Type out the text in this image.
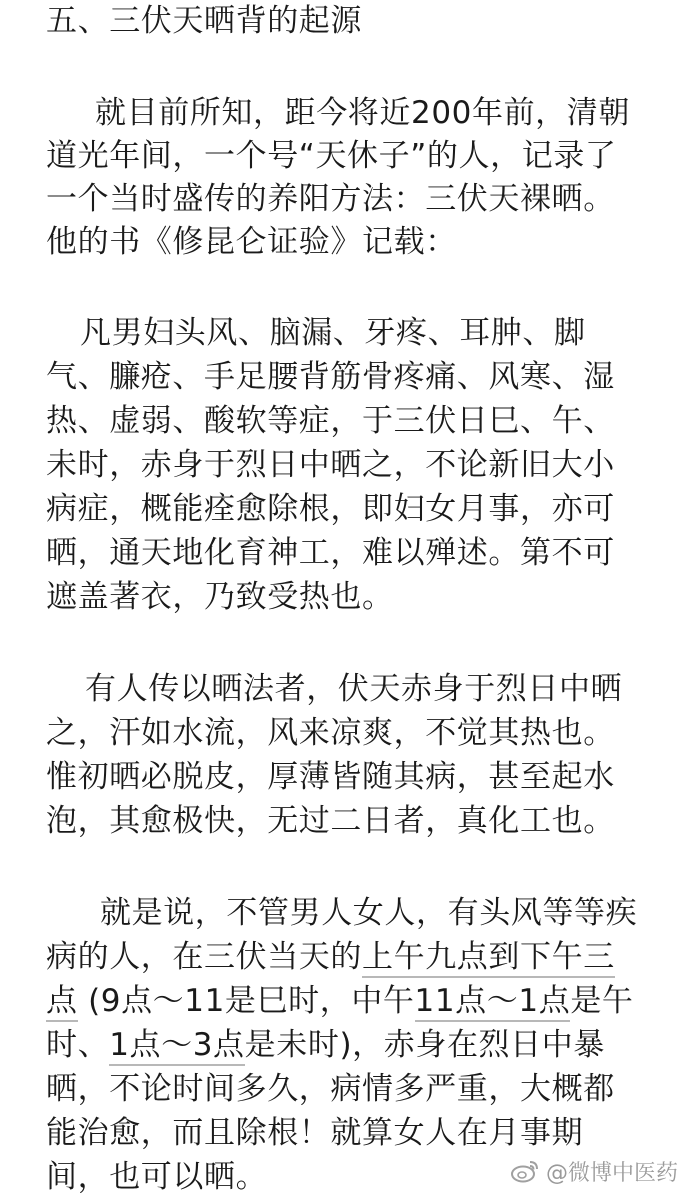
五、三伏天晒背的起源
就目前所知，距今将近200年前，清朝
道光年间，一个号“天休子”的人，记录了
一个当时盛传的养阳方法：三伏天裸晒。
他的书《修昆仑证验》记载：
凡男妇头风、脑漏、牙疼、耳肿、脚
气、臁疮、手足腰背筋骨疼痛、风寒、湿
热、虚弱、酸软等症，于三伏日巳、午、
未时，赤身于烈日中晒之，不论新旧大小
病症，概能痊愈除根，即妇女月事，亦可
晒，通天地化育神工，难以殚述。第不可
遮盖著衣，乃致受热也。
有人传以晒法者，伏天赤身于烈日中晒
之，汗如水流，风来凉爽，不觉其热也。
惟初晒必脱皮，厚薄皆随其病，甚至起水
泡，其愈极快，无过二日者，真化工也。
就是说，不管男人女人，有头风等等疾
病的人，在三伏当天的上午九点到下午三
点 (9点～11是巳时，中午11点～1点是午
时、1点～3点是未时)，赤身在烈日中暴
晒，不论时间多久，病情多严重，大概都
能治愈，而且除根！就算女人在月事期
间，也可以晒。	@微博中医药
